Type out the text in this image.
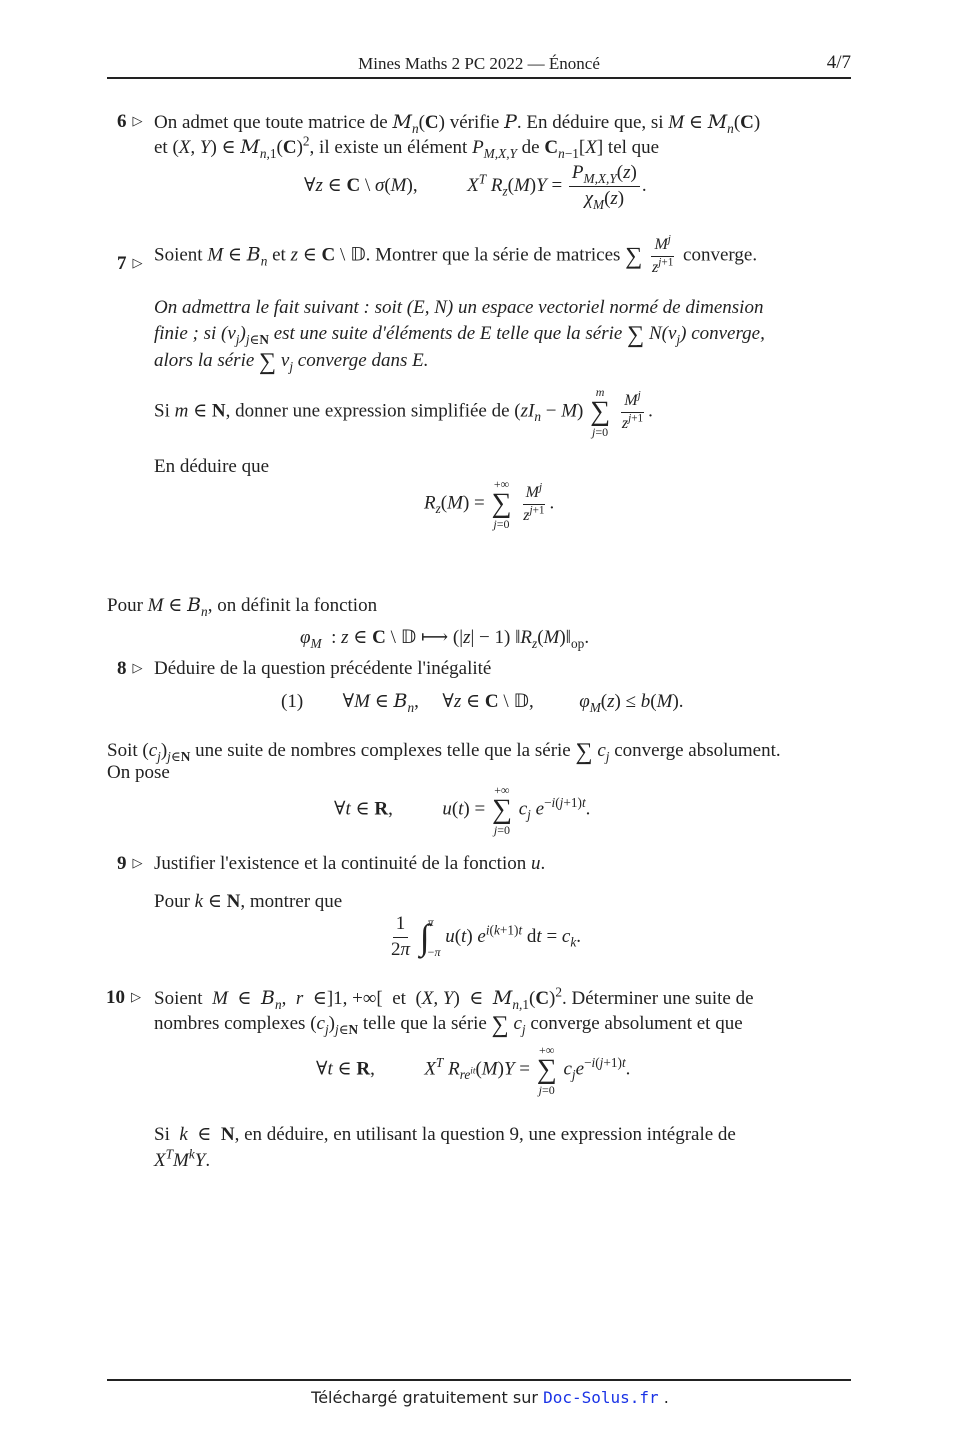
Mines Maths 2 PC 2022 — Énoncé	4/7
6 ▷ On admet que toute matrice de $M_n(C)$ vérifie P. En déduire que, si M ∈ $M_n(C)$
et (X, Y) ∈ $M_{n,1}(C)^2$, il existe un élément $P_{M,X,Y}$ de $C_{n-1}[X]$ tel que
∀z ∈ C \ σ(M),  $X^T$ $R_z(M)Y = \frac{P_{M,X,Y}(z)}{\chi_M(z)}$ .
7 ▷ Soient M ∈ $B_n$ et z ∈ C \ 𝔻. Montrer que la série de matrices ∑ $\frac{M^j}{z^{j+1}}$ converge.
On admettra le fait suivant : soit (E, N) un espace vectoriel normé de dimension
finie ; si $(v_j)_{j\in N}$ est une suite d'éléments de E telle que la série ∑ $N(v_j)$ converge,
alors la série ∑ $v_j$ converge dans E.
Si m ∈ N, donner une expression simplifiée de $(zI_n - M)$
m
∑
j=0
$\frac{M^j}{z^{j+1}}$ .
En déduire que
$R_z(M)$ =
+∞
∑
j=0
$\frac{M^j}{z^{j+1}}$ .
Pour M ∈ $B_n$, on définit la fonction
$\varphi_M$  : z ∈ C \ 𝔻 ⟼ (|z| − 1) $‖R_z(M)‖_{op}$.
8 ▷ Déduire de la question précédente l'inégalité
(1)  ∀M ∈ $B_n$,  ∀z ∈ C \ 𝔻,  $\varphi_M(z) \le b(M)$.
Soit $(c_j)_{j\in N}$ une suite de nombres complexes telle que la série ∑ $c_j$ converge absolument.
On pose
∀t ∈ R,  u(t) =
+∞
∑
j=0
$c_j$ $e^{-i(j+1)t}$.
9 ▷ Justifier l'existence et la continuité de la fonction u.
Pour k ∈ N, montrer que
$\frac{1}{2\pi}$
∫
π
−π
u(t) $e^{i(k+1)t}$ dt = $c_k$.
10 ▷ Soient M  ∈  $B_n$,  r  ∈]1, +∞[  et  (X, Y)  ∈  $M_{n,1}(C)^2$. Déterminer une suite de
nombres complexes $(c_j)_{j\in N}$ telle que la série ∑ $c_j$ converge absolument et que
∀t ∈ R,  $X^T$ $R_{re^{it}}(M)Y$ =
+∞
∑
j=0
$c_je^{-i(j+1)t}$.
Si k  ∈  N, en déduire, en utilisant la question 9, une expression intégrale de
$X^TM^kY$.
Téléchargé gratuitement sur Doc-Solus.fr .
